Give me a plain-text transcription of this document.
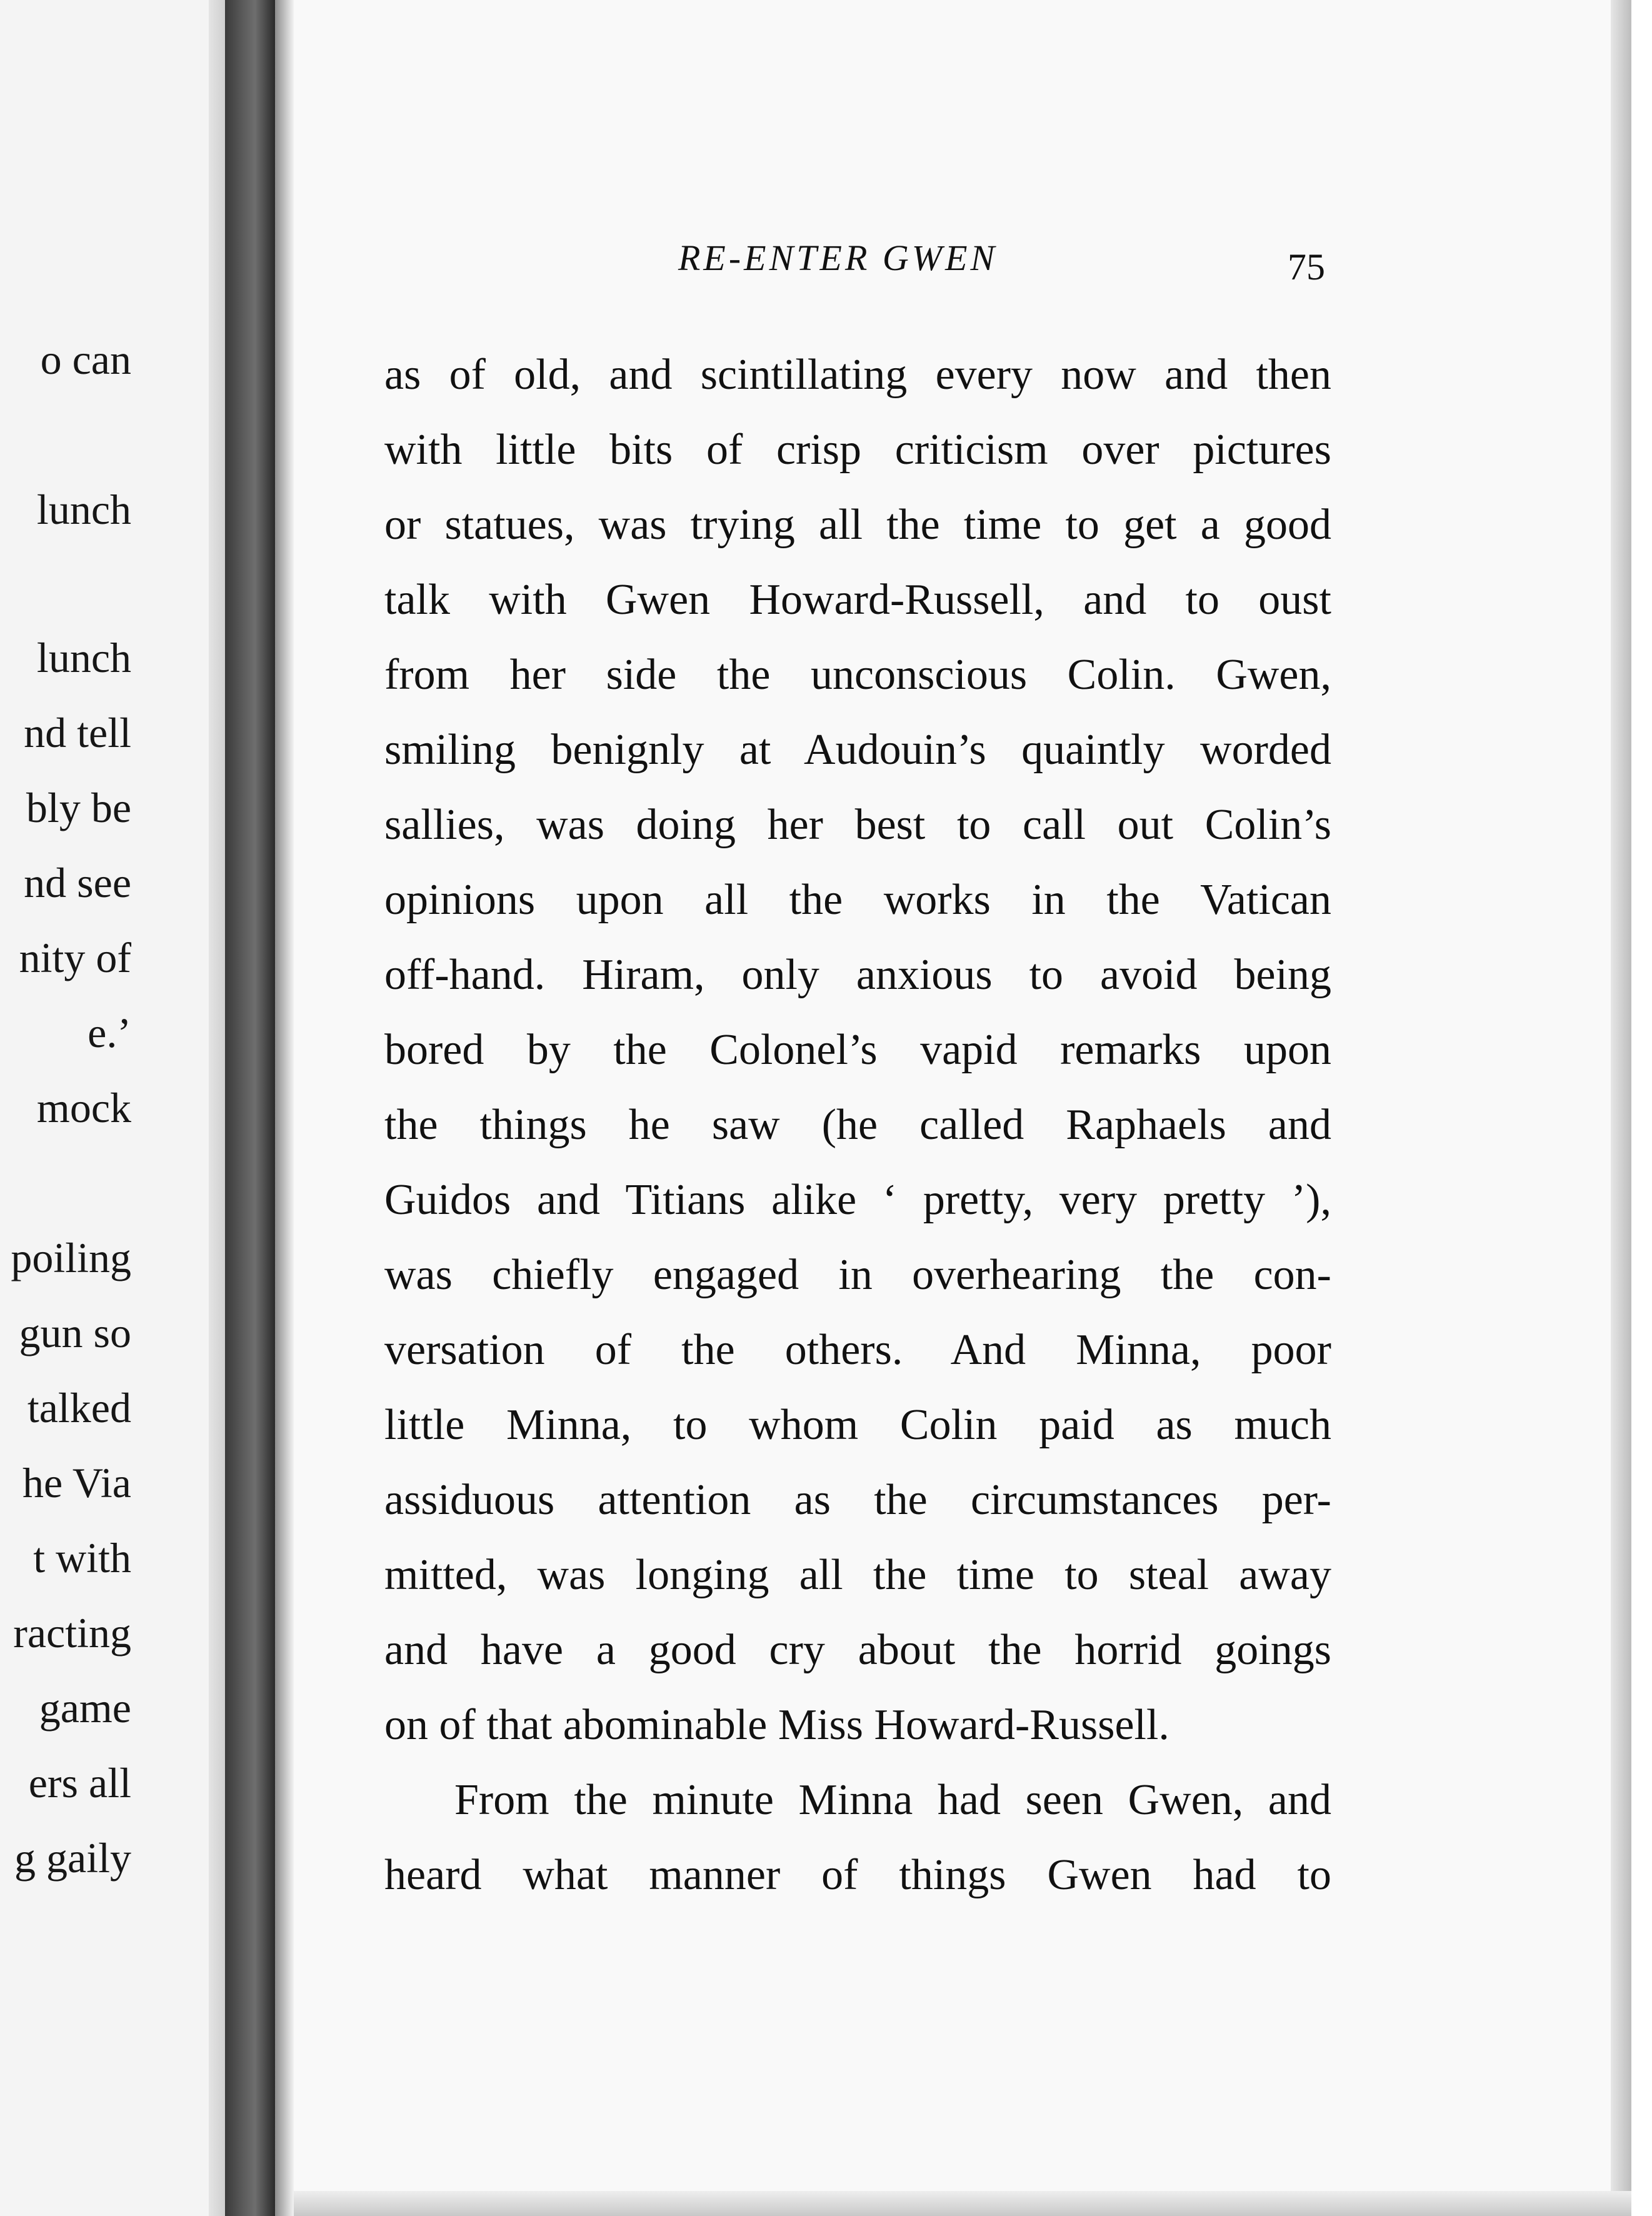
o can
lunch
lunch
nd tell
bly be
nd see
nity of
e.’
mock
poiling
gun so
talked
he Via
t with
racting
game
ers all
g gaily
RE-ENTER GWEN	75
as of old, and scintillating every now and then
with little bits of crisp criticism over pictures
or statues, was trying all the time to get a good
talk with Gwen Howard-Russell, and to oust
from her side the unconscious Colin. Gwen,
smiling benignly at Audouin’s quaintly worded
sallies, was doing her best to call out Colin’s
opinions upon all the works in the Vatican
off-hand. Hiram, only anxious to avoid being
bored by the Colonel’s vapid remarks upon
the things he saw (he called Raphaels and
Guidos and Titians alike ‘ pretty, very pretty ’),
was chiefly engaged in overhearing the con-
versation of the others. And Minna, poor
little Minna, to whom Colin paid as much
assiduous attention as the circumstances per-
mitted, was longing all the time to steal away
and have a good cry about the horrid goings
on of that abominable Miss Howard-Russell.
From the minute Minna had seen Gwen, and
heard what manner of things Gwen had to
